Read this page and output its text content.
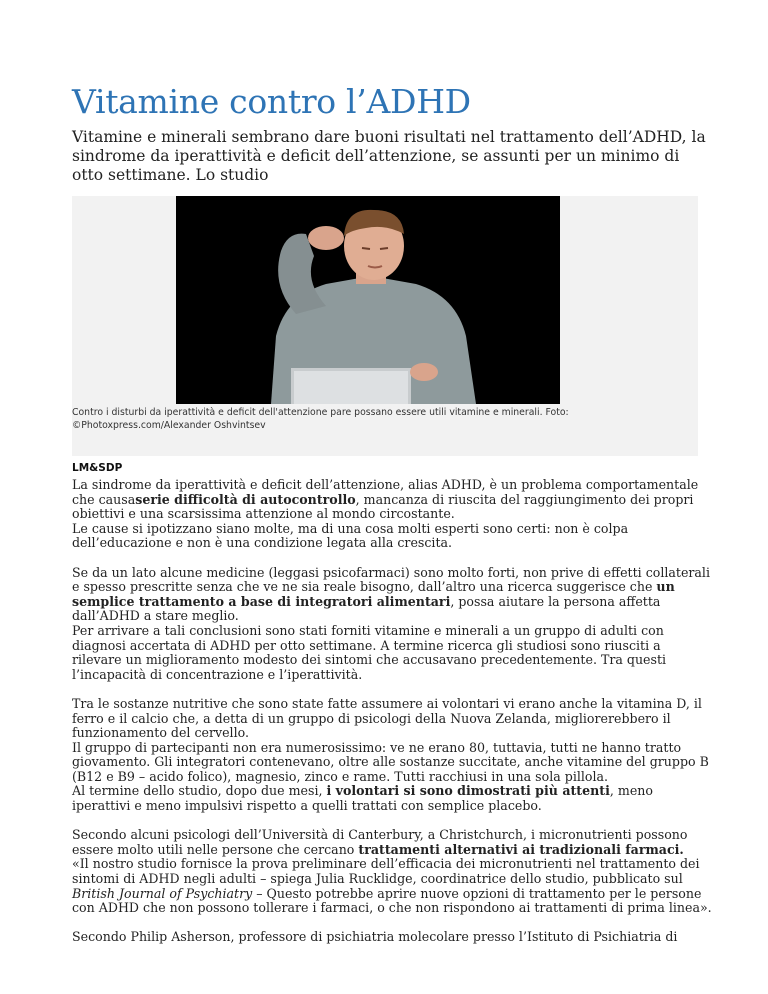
Vitamine contro l’ADHD
Vitamine e minerali sembrano dare buoni risultati nel trattamento dell’ADHD, la sindrome da iperattività e deficit dell’attenzione, se assunti per un minimo di otto settimane. Lo studio
Contro i disturbi da iperattività e deficit dell'attenzione pare possano essere utili vitamine e minerali. Foto: ©Photoxpress.com/Alexander Oshvintsev
LM&SDP

La sindrome da iperattività e deficit dell’attenzione, alias ADHD, è un problema comportamentale che causaserie difficoltà di autocontrollo, mancanza di riuscita del raggiungimento dei propri obiettivi e una scarsissima attenzione al mondo circostante.
Le cause si ipotizzano siano molte, ma di una cosa molti esperti sono certi: non è colpa dell’educazione e non è una condizione legata alla crescita.

Se da un lato alcune medicine (leggasi psicofarmaci) sono molto forti, non prive di effetti collaterali e spesso prescritte senza che ve ne sia reale bisogno, dall’altro una ricerca suggerisce che un semplice trattamento a base di integratori alimentari, possa aiutare la persona affetta dall’ADHD a stare meglio.
Per arrivare a tali conclusioni sono stati forniti vitamine e minerali a un gruppo di adulti con diagnosi accertata di ADHD per otto settimane. A termine ricerca gli studiosi sono riusciti a rilevare un miglioramento modesto dei sintomi che accusavano precedentemente. Tra questi l’incapacità di concentrazione e l’iperattività.

Tra le sostanze nutritive che sono state fatte assumere ai volontari vi erano anche la vitamina D, il ferro e il calcio che, a detta di un gruppo di psicologi della Nuova Zelanda, migliorerebbero il funzionamento del cervello.
Il gruppo di partecipanti non era numerosissimo: ve ne erano 80, tuttavia, tutti ne hanno tratto giovamento. Gli integratori contenevano, oltre alle sostanze succitate, anche vitamine del gruppo B (B12 e B9 – acido folico), magnesio, zinco e rame. Tutti racchiusi in una sola pillola.
Al termine dello studio, dopo due mesi, i volontari si sono dimostrati più attenti, meno iperattivi e meno impulsivi rispetto a quelli trattati con semplice placebo.

Secondo alcuni psicologi dell’Università di Canterbury, a Christchurch, i micronutrienti possono essere molto utili nelle persone che cercano trattamenti alternativi ai tradizionali farmaci.
«Il nostro studio fornisce la prova preliminare dell’efficacia dei micronutrienti nel trattamento dei sintomi di ADHD negli adulti – spiega Julia Rucklidge, coordinatrice dello studio, pubblicato sul British Journal of Psychiatry – Questo potrebbe aprire nuove opzioni di trattamento per le persone con ADHD che non possono tollerare i farmaci, o che non rispondono ai trattamenti di prima linea».

Secondo Philip Asherson, professore di psichiatria molecolare presso l’Istituto di Psichiatria di
